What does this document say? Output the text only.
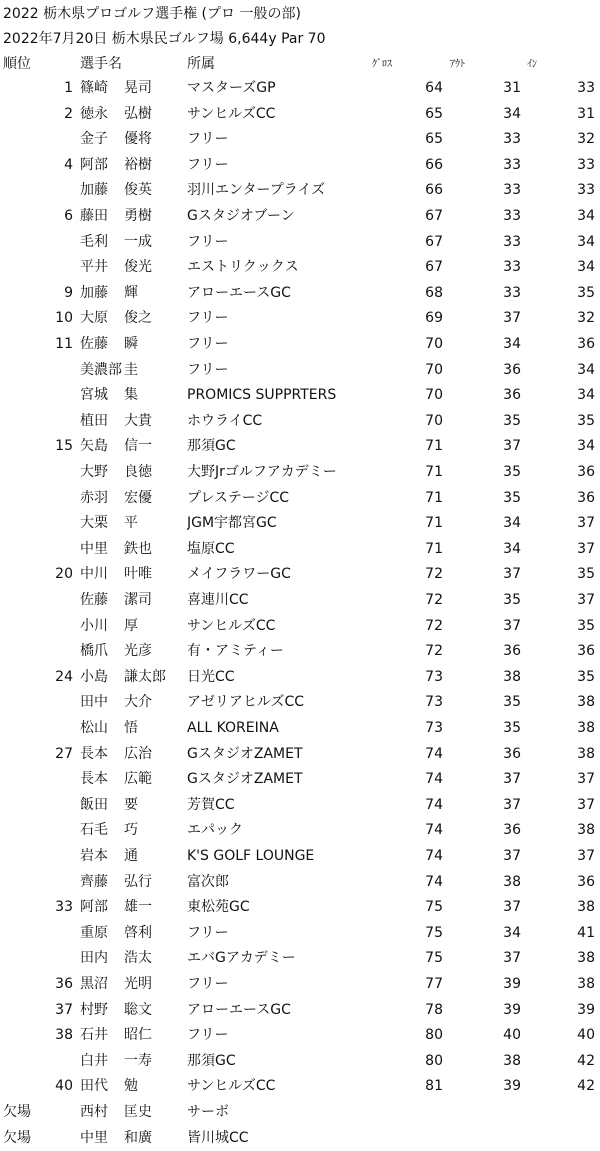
2022 栃木県プロゴルフ選手権 (プロ 一般の部)
2022年7月20日 栃木県民ゴルフ場 6,644y Par 70
順位	選手名	所属	ｸﾞﾛｽ	ｱｳﾄ	ｲﾝ
1 篠崎	晃司	マスターズGP	64	31	33
2 徳永	弘樹	サンヒルズCC	65	34	31
金子	優将	フリー	65	33	32
4 阿部	裕樹	フリー	66	33	33
加藤	俊英	羽川エンタープライズ	66	33	33
6 藤田	勇樹	Gスタジオブーン	67	33	34
毛利	一成	フリー	67	33	34
平井	俊光	エストリクックス	67	33	34
9 加藤	輝	アローエースGC	68	33	35
10 大原	俊之	フリー	69	37	32
11 佐藤	瞬	フリー	70	34	36
美濃部 圭	フリー	70	36	34
宮城	集	PROMICS SUPPRTERS	70	36	34
植田	大貴	ホウライCC	70	35	35
15 矢島	信一	那須GC	71	37	34
大野	良徳	大野Jrゴルフアカデミー	71	35	36
赤羽	宏優	プレステージCC	71	35	36
大栗	平	JGM宇都宮GC	71	34	37
中里	鉄也	塩原CC	71	34	37
20 中川	叶唯	メイフラワーGC	72	37	35
佐藤	潔司	喜連川CC	72	35	37
小川	厚	サンヒルズCC	72	37	35
橋爪	光彦	有・アミティー	72	36	36
24 小島	謙太郎	日光CC	73	38	35
田中	大介	アゼリアヒルズCC	73	35	38
松山	悟	ALL KOREINA	73	35	38
27 長本	広治	GスタジオZAMET	74	36	38
長本	広範	GスタジオZAMET	74	37	37
飯田	要	芳賀CC	74	37	37
石毛	巧	エパック	74	36	38
岩本	通	K'S GOLF LOUNGE	74	37	37
齊藤	弘行	富次郎	74	38	36
33 阿部	雄一	東松苑GC	75	37	38
重原	啓利	フリー	75	34	41
田内	浩太	エバGアカデミー	75	37	38
36 黒沼	光明	フリー	77	39	38
37 村野	聡文	アローエースGC	78	39	39
38 石井	昭仁	フリー	80	40	40
白井	一寿	那須GC	80	38	42
40 田代	勉	サンヒルズCC	81	39	42
欠場	西村	匡史	サーボ
欠場	中里	和廣	皆川城CC
